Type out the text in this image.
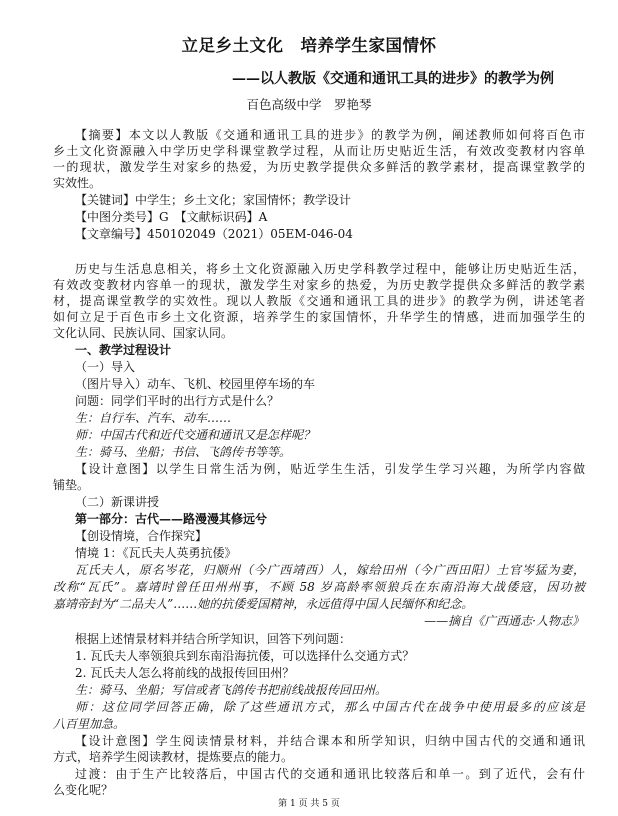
立足乡土文化　培养学生家国情怀
——以人教版《交通和通讯工具的进步》的教学为例
百色高级中学　罗艳琴
【摘要】本文以人教版《交通和通讯工具的进步》的教学为例，阐述教师如何将百色市
乡土文化资源融入中学历史学科课堂教学过程，从而让历史贴近生活，有效改变教材内容单
一的现状，激发学生对家乡的热爱，为历史教学提供众多鲜活的教学素材，提高课堂教学的
实效性。
【关键词】中学生；乡土文化；家国情怀；教学设计
【中图分类号】G　【文献标识码】A
【文章编号】450102049（2021）05EM-046-04
历史与生活息息相关，将乡土文化资源融入历史学科教学过程中，能够让历史贴近生活，
有效改变教材内容单一的现状，激发学生对家乡的热爱，为历史教学提供众多鲜活的教学素
材，提高课堂教学的实效性。现以人教版《交通和通讯工具的进步》的教学为例，讲述笔者
如何立足于百色市乡土文化资源，培养学生的家国情怀，升华学生的情感，进而加强学生的
文化认同、民族认同、国家认同。
一、教学过程设计
（一）导入
（图片导入）动车、飞机、校园里停车场的车
问题：同学们平时的出行方式是什么？
生：自行车、汽车、动车……
师：中国古代和近代交通和通讯又是怎样呢？
生：骑马、坐船；书信、飞鸽传书等等。
【设计意图】以学生日常生活为例，贴近学生生活，引发学生学习兴趣，为所学内容做
铺垫。
（二）新课讲授
第一部分：古代——路漫漫其修远兮
【创设情境，合作探究】
情境 1：《瓦氏夫人英勇抗倭》
瓦氏夫人，原名岑花，归顺州（今广西靖西）人，嫁给田州（今广西田阳）土官岑猛为妻，
改称“瓦氏”。嘉靖时曾任田州州事，不顾 58 岁高龄率领狼兵在东南沿海大战倭寇，因功被
嘉靖帝封为“二品夫人”……她的抗倭爱国精神，永远值得中国人民缅怀和纪念。
——摘自《广西通志·人物志》
根据上述情景材料并结合所学知识，回答下列问题：
1. 瓦氏夫人率领狼兵到东南沿海抗倭，可以选择什么交通方式？
2. 瓦氏夫人怎么将前线的战报传回田州？
生：骑马、坐船；写信或者飞鸽传书把前线战报传回田州。
师：这位同学回答正确，除了这些通讯方式，那么中国古代在战争中使用最多的应该是
八百里加急。
【设计意图】学生阅读情景材料，并结合课本和所学知识，归纳中国古代的交通和通讯
方式，培养学生阅读教材，提炼要点的能力。
过渡：由于生产比较落后，中国古代的交通和通讯比较落后和单一。到了近代，会有什
么变化呢？
第 1 页 共 5 页
